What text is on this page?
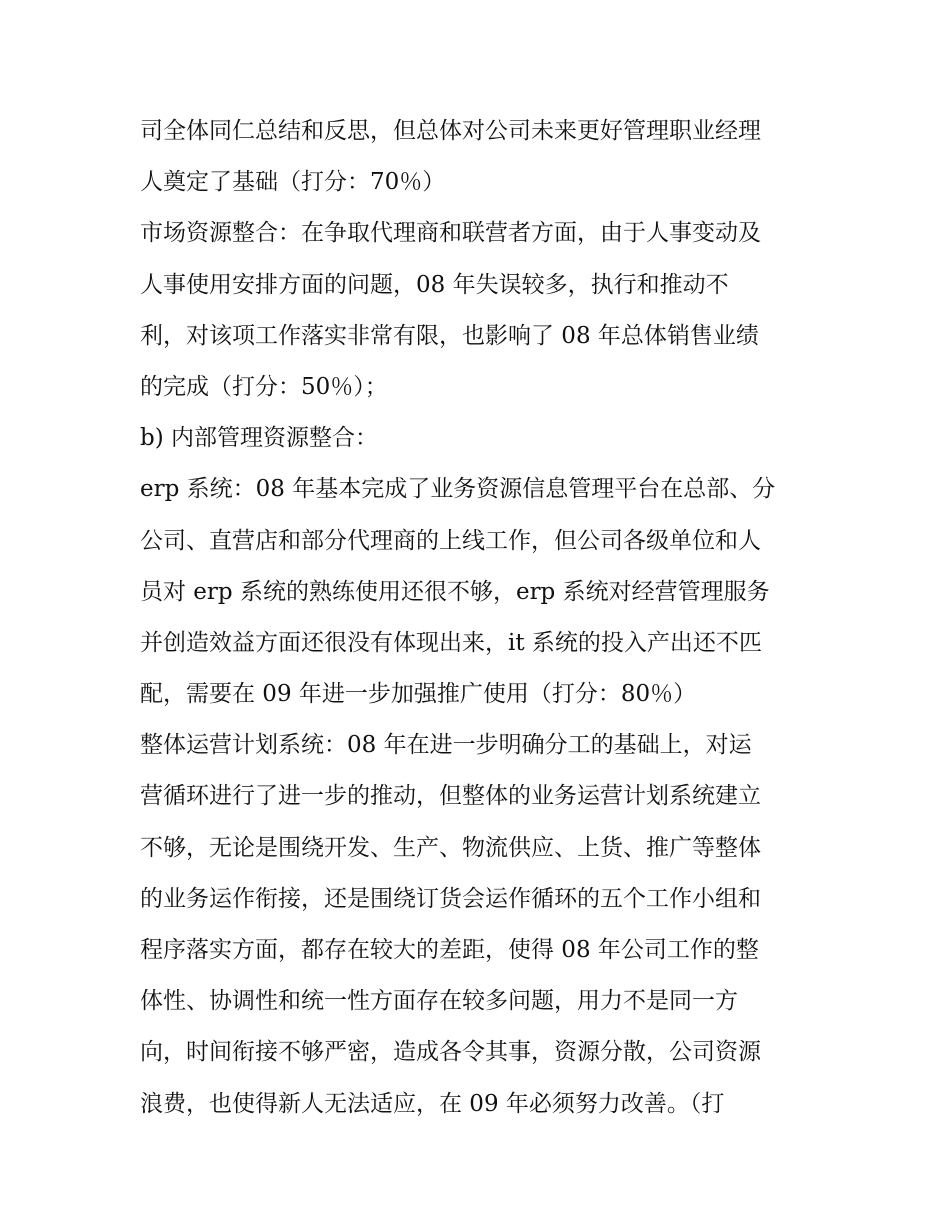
司全体同仁总结和反思，但总体对公司未来更好管理职业经理
人奠定了基础（打分：70％）
市场资源整合：在争取代理商和联营者方面，由于人事变动及
人事使用安排方面的问题，08 年失误较多，执行和推动不
利，对该项工作落实非常有限，也影响了 08 年总体销售业绩
的完成（打分：50％）；
b) 内部管理资源整合：
erp 系统：08 年基本完成了业务资源信息管理平台在总部、分
公司、直营店和部分代理商的上线工作，但公司各级单位和人
员对 erp 系统的熟练使用还很不够，erp 系统对经营管理服务
并创造效益方面还很没有体现出来，it 系统的投入产出还不匹
配，需要在 09 年进一步加强推广使用（打分：80％）
整体运营计划系统：08 年在进一步明确分工的基础上，对运
营循环进行了进一步的推动，但整体的业务运营计划系统建立
不够，无论是围绕开发、生产、物流供应、上货、推广等整体
的业务运作衔接，还是围绕订货会运作循环的五个工作小组和
程序落实方面，都存在较大的差距，使得 08 年公司工作的整
体性、协调性和统一性方面存在较多问题，用力不是同一方
向，时间衔接不够严密，造成各令其事，资源分散，公司资源
浪费，也使得新人无法适应，在 09 年必须努力改善。（打
